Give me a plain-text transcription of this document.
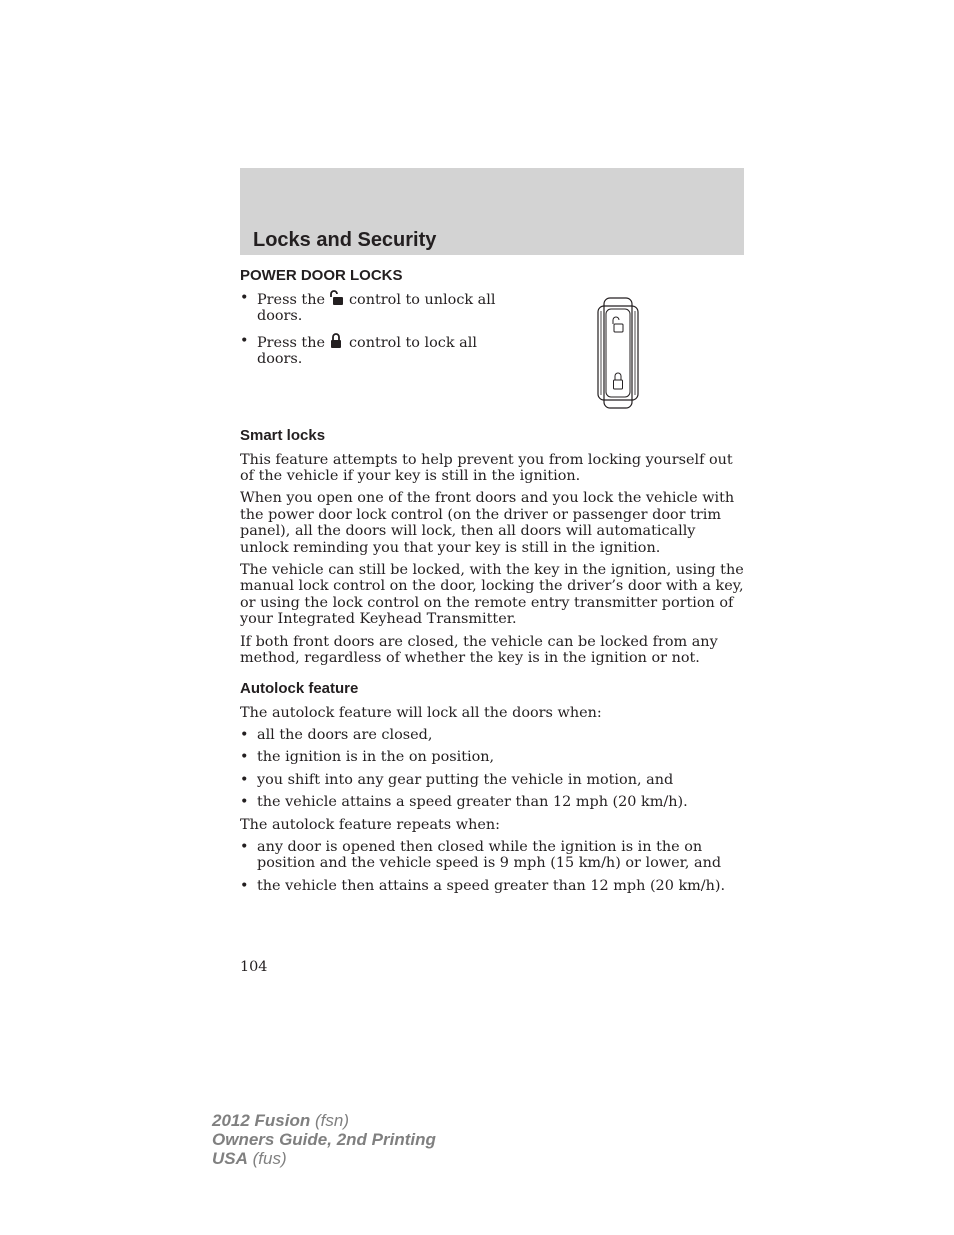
Locks and Security
POWER DOOR LOCKS
• Press the control to unlock all doors.
• Press the control to lock all doors.
Smart locks

This feature attempts to help prevent you from locking yourself out of the vehicle if your key is still in the ignition.

When you open one of the front doors and you lock the vehicle with the power door lock control (on the driver or passenger door trim panel), all the doors will lock, then all doors will automatically unlock reminding you that your key is still in the ignition.

The vehicle can still be locked, with the key in the ignition, using the manual lock control on the door, locking the driver’s door with a key, or using the lock control on the remote entry transmitter portion of your Integrated Keyhead Transmitter.

If both front doors are closed, the vehicle can be locked from any method, regardless of whether the key is in the ignition or not.

Autolock feature

The autolock feature will lock all the doors when:

• all the doors are closed,
• the ignition is in the on position,
• you shift into any gear putting the vehicle in motion, and
• the vehicle attains a speed greater than 12 mph (20 km/h).

The autolock feature repeats when:

• any door is opened then closed while the ignition is in the on position and the vehicle speed is 9 mph (15 km/h) or lower, and
• the vehicle then attains a speed greater than 12 mph (20 km/h).
104
2012 Fusion (fsn)
Owners Guide, 2nd Printing
USA (fus)
